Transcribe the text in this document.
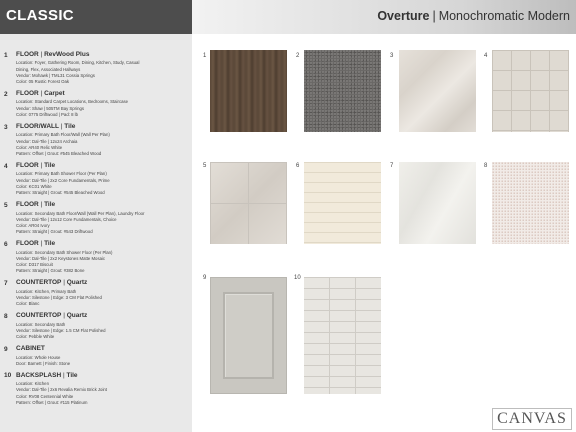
CLASSIC	Overture | Monochromatic Modern
1	FLOOR | RevWood Plus
Location: Foyer, Gathering Room, Dining, Kitchen, Study, Casual
Dining, Flex, Associated Hallways
Vendor: Mohawk | TML31 Cossia Springs
Color: 05 Rustic Forest Oak
2	FLOOR | Carpet
Location: Standard Carpet Locations, Bedrooms, Staircase
Vendor: Shaw | 505TM Bay Springs
Color: 0775 Driftwood | Pad: 8 lb
3	FLOOR/WALL | Tile
Location: Primary Bath Floor/Wall (Wall Per Plan)
Vendor: Dal-Tile | 12x24 Archaia
Color: AR40 Relic White
Pattern: Offset | Grout: #545 Bleached Wood
4	FLOOR | Tile
Location: Primary Bath Shower Floor (Per Plan)
Vendor: Dal-Tile | 2x2 Core Fundamentals, Prime
Color: KC01 White
Pattern: Straight | Grout: #545 Bleached Wood
5	FLOOR | Tile
Location: Secondary Bath Floor/Wall (Wall Per Plan), Laundry Floor
Vendor: Dal-Tile | 12x12 Core Fundamentals, Choice
Color: AR04 Ivory
Pattern: Straight | Grout: #543 Driftwood
6	FLOOR | Tile
Location: Secondary Bath Shower Floor (Per Plan)
Vendor: Dal-Tile | 2x2 Keystones Matte Mosaic
Color: D317 Biscuit
Pattern: Straight | Grout: #382 Bone
7	COUNTERTOP | Quartz
Location: Kitchen, Primary Bath
Vendor: Silestone | Edge: 3 CM Flat Polished
Color: Blanc
8	COUNTERTOP | Quartz
Location: Secondary Bath
Vendor: Silestone | Edge: 1.5 CM Flat Polished
Color: Pebble White
9	CABINET
Location: Whole House
Door: Barnett | Finish: Stone
10 BACKSPLASH | Tile
Location: Kitchen
Vendor: Dal-Tile | 2x6 Revalia Remix Brick Joint
Color: RV08 Centennial White
Pattern: Offset | Grout: #115 Platinum
1	2	3	4
5	6	7	8
9	10
CANVAS
